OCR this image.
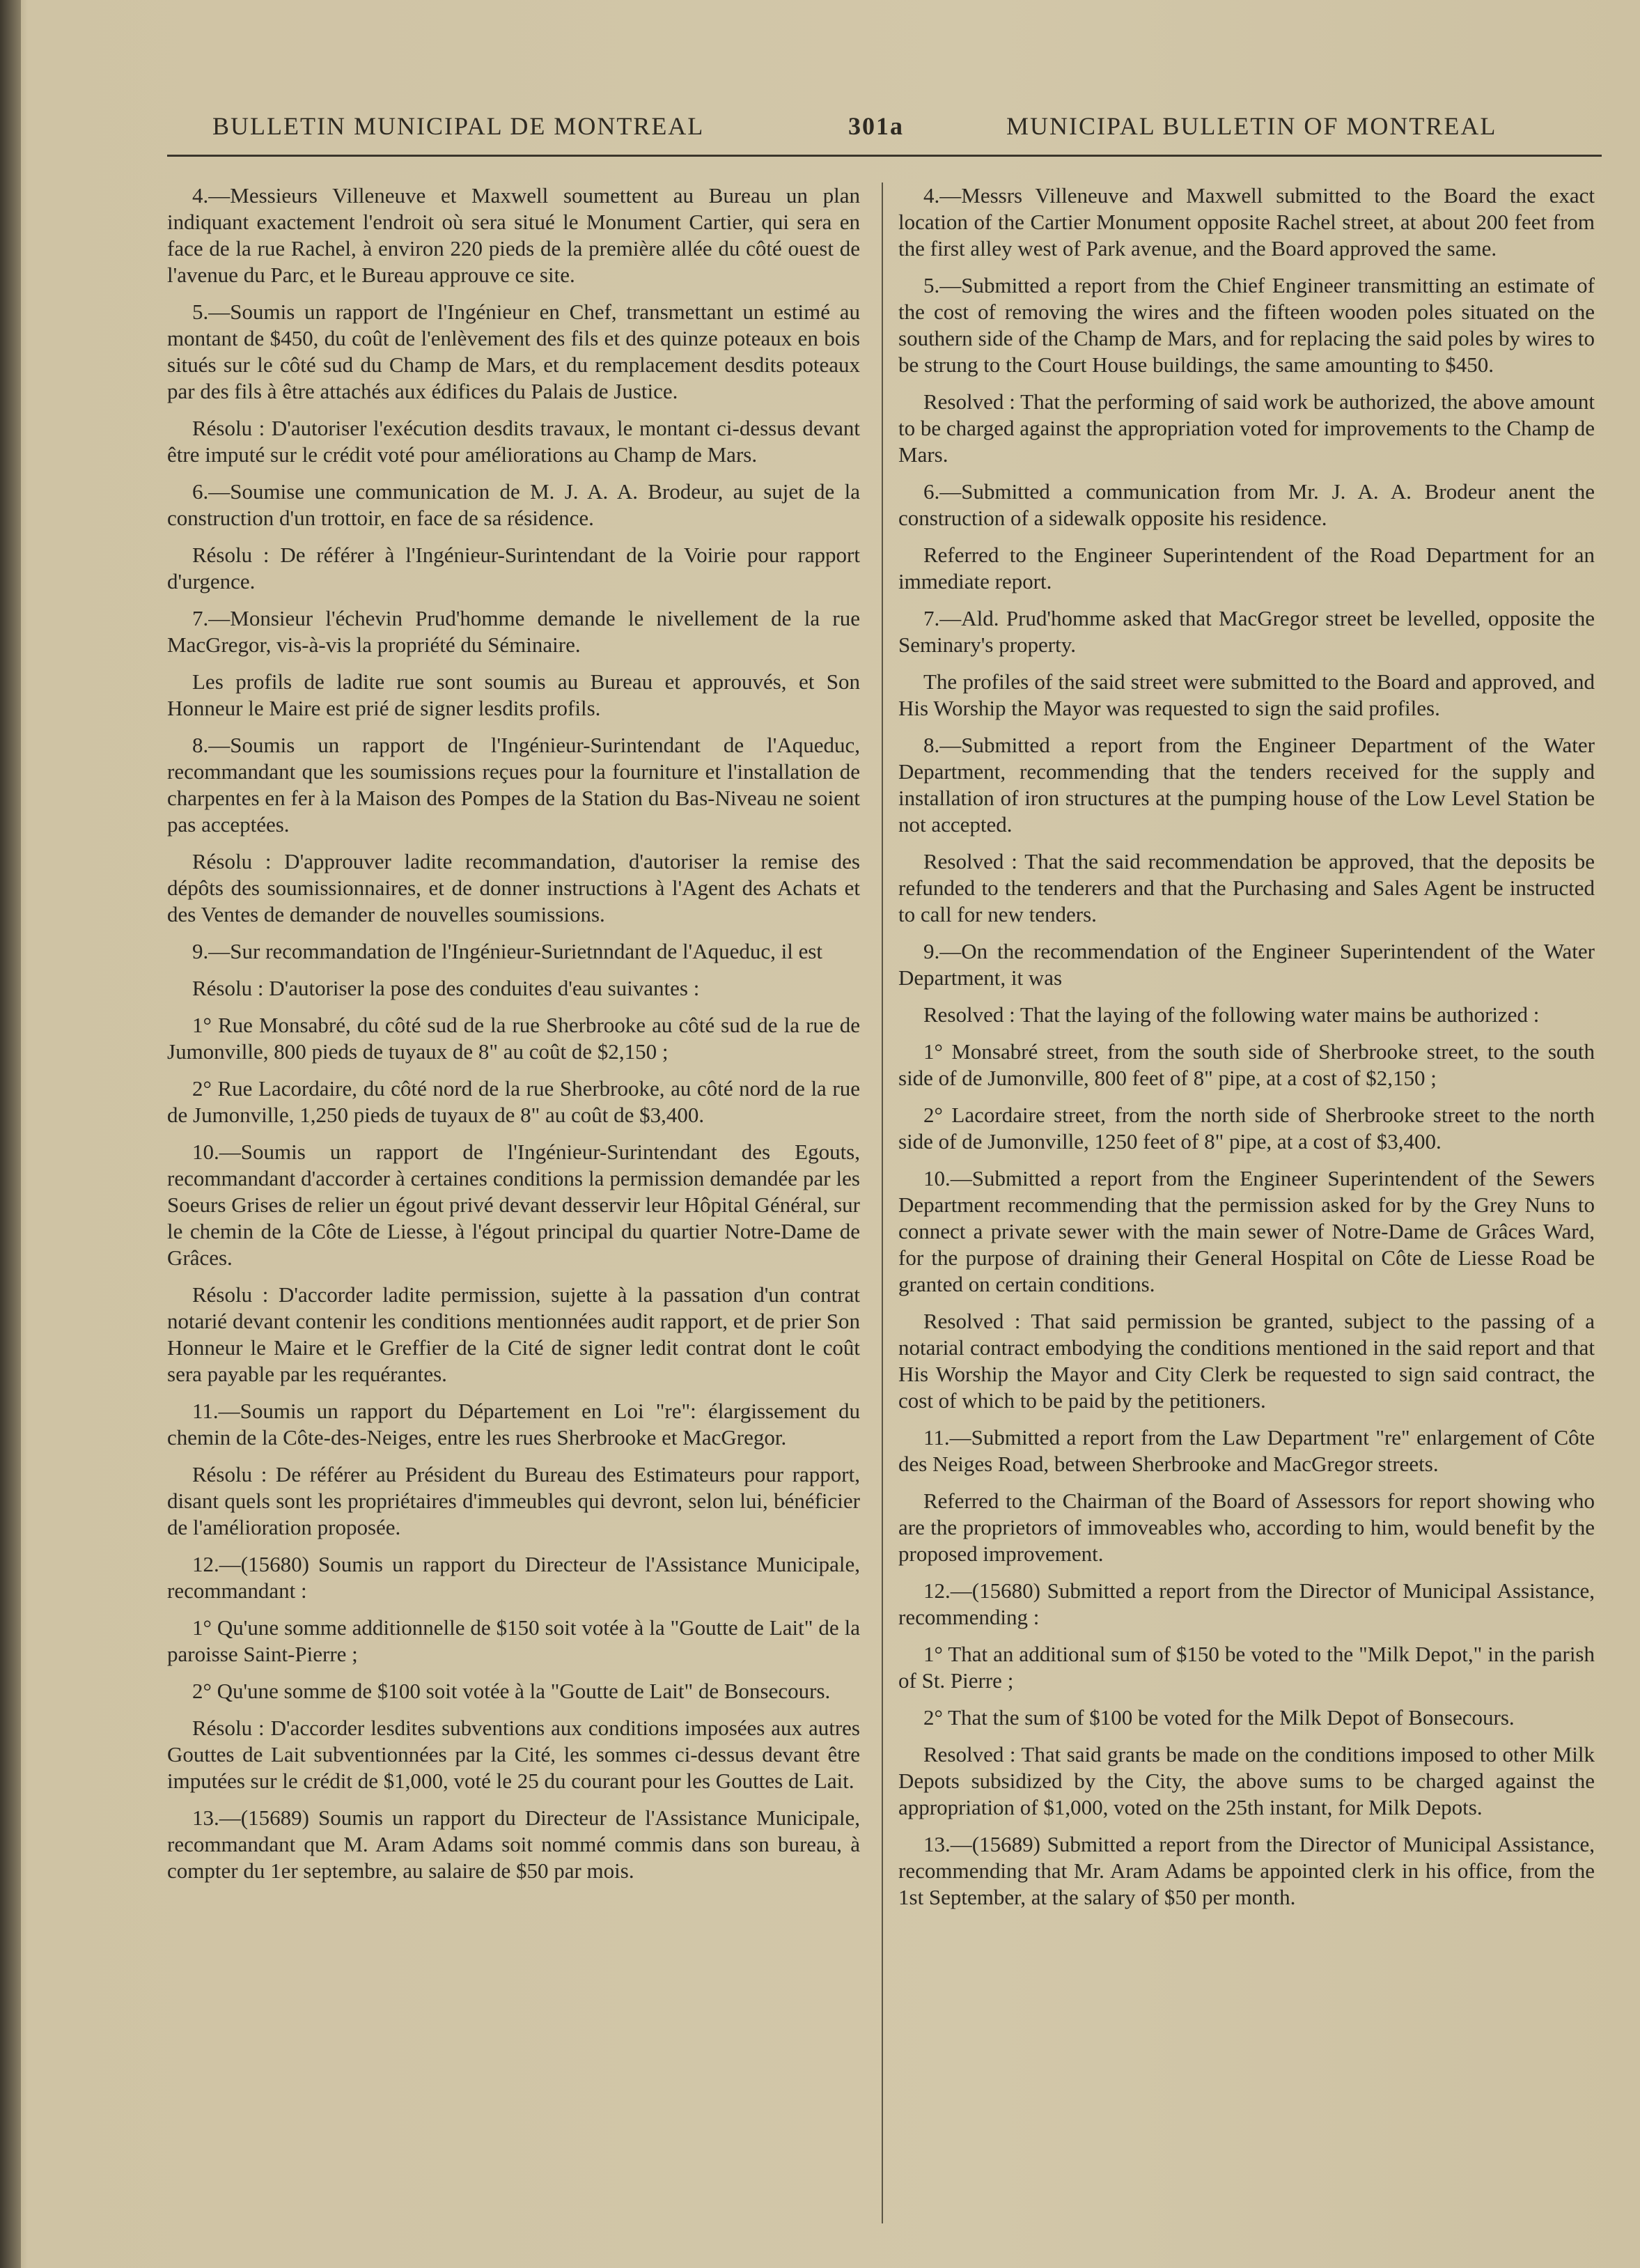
BULLETIN MUNICIPAL DE MONTREAL	301a	MUNICIPAL BULLETIN OF MONTREAL

4.—Messieurs Villeneuve et Maxwell soumettent au Bureau un plan indiquant exactement l'endroit où sera situé le Monument Cartier, qui sera en face de la rue Rachel, à environ 220 pieds de la première allée du côté ouest de l'avenue du Parc, et le Bureau approuve ce site.

5.—Soumis un rapport de l'Ingénieur en Chef, transmettant un estimé au montant de $450, du coût de l'enlèvement des fils et des quinze poteaux en bois situés sur le côté sud du Champ de Mars, et du remplacement desdits poteaux par des fils à être attachés aux édifices du Palais de Justice.

Résolu : D'autoriser l'exécution desdits travaux, le montant ci-dessus devant être imputé sur le crédit voté pour améliorations au Champ de Mars.

6.—Soumise une communication de M. J. A. A. Brodeur, au sujet de la construction d'un trottoir, en face de sa résidence.

Résolu : De référer à l'Ingénieur-Surintendant de la Voirie pour rapport d'urgence.

7.—Monsieur l'échevin Prud'homme demande le nivellement de la rue MacGregor, vis-à-vis la propriété du Séminaire.

Les profils de ladite rue sont soumis au Bureau et approuvés, et Son Honneur le Maire est prié de signer lesdits profils.

8.—Soumis un rapport de l'Ingénieur-Surintendant de l'Aqueduc, recommandant que les soumissions reçues pour la fourniture et l'installation de charpentes en fer à la Maison des Pompes de la Station du Bas-Niveau ne soient pas acceptées.

Résolu : D'approuver ladite recommandation, d'autoriser la remise des dépôts des soumissionnaires, et de donner instructions à l'Agent des Achats et des Ventes de demander de nouvelles soumissions.

9.—Sur recommandation de l'Ingénieur-Surietnndant de l'Aqueduc, il est

Résolu : D'autoriser la pose des conduites d'eau suivantes :

1° Rue Monsabré, du côté sud de la rue Sherbrooke au côté sud de la rue de Jumonville, 800 pieds de tuyaux de 8" au coût de $2,150 ;

2° Rue Lacordaire, du côté nord de la rue Sherbrooke, au côté nord de la rue de Jumonville, 1,250 pieds de tuyaux de 8" au coût de $3,400.

10.—Soumis un rapport de l'Ingénieur-Surintendant des Egouts, recommandant d'accorder à certaines conditions la permission demandée par les Soeurs Grises de relier un égout privé devant desservir leur Hôpital Général, sur le chemin de la Côte de Liesse, à l'égout principal du quartier Notre-Dame de Grâces.

Résolu : D'accorder ladite permission, sujette à la passation d'un contrat notarié devant contenir les conditions mentionnées audit rapport, et de prier Son Honneur le Maire et le Greffier de la Cité de signer ledit contrat dont le coût sera payable par les requérantes.

11.—Soumis un rapport du Département en Loi "re": élargissement du chemin de la Côte-des-Neiges, entre les rues Sherbrooke et MacGregor.

Résolu : De référer au Président du Bureau des Estimateurs pour rapport, disant quels sont les propriétaires d'immeubles qui devront, selon lui, bénéficier de l'amélioration proposée.

12.—(15680) Soumis un rapport du Directeur de l'Assistance Municipale, recommandant :

1° Qu'une somme additionnelle de $150 soit votée à la "Goutte de Lait" de la paroisse Saint-Pierre ;

2° Qu'une somme de $100 soit votée à la "Goutte de Lait" de Bonsecours.

Résolu : D'accorder lesdites subventions aux conditions imposées aux autres Gouttes de Lait subventionnées par la Cité, les sommes ci-dessus devant être imputées sur le crédit de $1,000, voté le 25 du courant pour les Gouttes de Lait.

13.—(15689) Soumis un rapport du Directeur de l'Assistance Municipale, recommandant que M. Aram Adams soit nommé commis dans son bureau, à compter du 1er septembre, au salaire de $50 par mois.

4.—Messrs Villeneuve and Maxwell submitted to the Board the exact location of the Cartier Monument opposite Rachel street, at about 200 feet from the first alley west of Park avenue, and the Board approved the same.

5.—Submitted a report from the Chief Engineer transmitting an estimate of the cost of removing the wires and the fifteen wooden poles situated on the southern side of the Champ de Mars, and for replacing the said poles by wires to be strung to the Court House buildings, the same amounting to $450.

Resolved : That the performing of said work be authorized, the above amount to be charged against the appropriation voted for improvements to the Champ de Mars.

6.—Submitted a communication from Mr. J. A. A. Brodeur anent the construction of a sidewalk opposite his residence.

Referred to the Engineer Superintendent of the Road Department for an immediate report.

7.—Ald. Prud'homme asked that MacGregor street be levelled, opposite the Seminary's property.

The profiles of the said street were submitted to the Board and approved, and His Worship the Mayor was requested to sign the said profiles.

8.—Submitted a report from the Engineer Department of the Water Department, recommending that the tenders received for the supply and installation of iron structures at the pumping house of the Low Level Station be not accepted.

Resolved : That the said recommendation be approved, that the deposits be refunded to the tenderers and that the Purchasing and Sales Agent be instructed to call for new tenders.

9.—On the recommendation of the Engineer Superintendent of the Water Department, it was

Resolved : That the laying of the following water mains be authorized :

1° Monsabré street, from the south side of Sherbrooke street, to the south side of de Jumonville, 800 feet of 8" pipe, at a cost of $2,150 ;

2° Lacordaire street, from the north side of Sherbrooke street to the north side of de Jumonville, 1250 feet of 8" pipe, at a cost of $3,400.

10.—Submitted a report from the Engineer Superintendent of the Sewers Department recommending that the permission asked for by the Grey Nuns to connect a private sewer with the main sewer of Notre-Dame de Grâces Ward, for the purpose of draining their General Hospital on Côte de Liesse Road be granted on certain conditions.

Resolved : That said permission be granted, subject to the passing of a notarial contract embodying the conditions mentioned in the said report and that His Worship the Mayor and City Clerk be requested to sign said contract, the cost of which to be paid by the petitioners.

11.—Submitted a report from the Law Department "re" enlargement of Côte des Neiges Road, between Sherbrooke and MacGregor streets.

Referred to the Chairman of the Board of Assessors for report showing who are the proprietors of immoveables who, according to him, would benefit by the proposed improvement.

12.—(15680) Submitted a report from the Director of Municipal Assistance, recommending :

1° That an additional sum of $150 be voted to the "Milk Depot," in the parish of St. Pierre ;

2° That the sum of $100 be voted for the Milk Depot of Bonsecours.

Resolved : That said grants be made on the conditions imposed to other Milk Depots subsidized by the City, the above sums to be charged against the appropriation of $1,000, voted on the 25th instant, for Milk Depots.

13.—(15689) Submitted a report from the Director of Municipal Assistance, recommending that Mr. Aram Adams be appointed clerk in his office, from the 1st September, at the salary of $50 per month.
